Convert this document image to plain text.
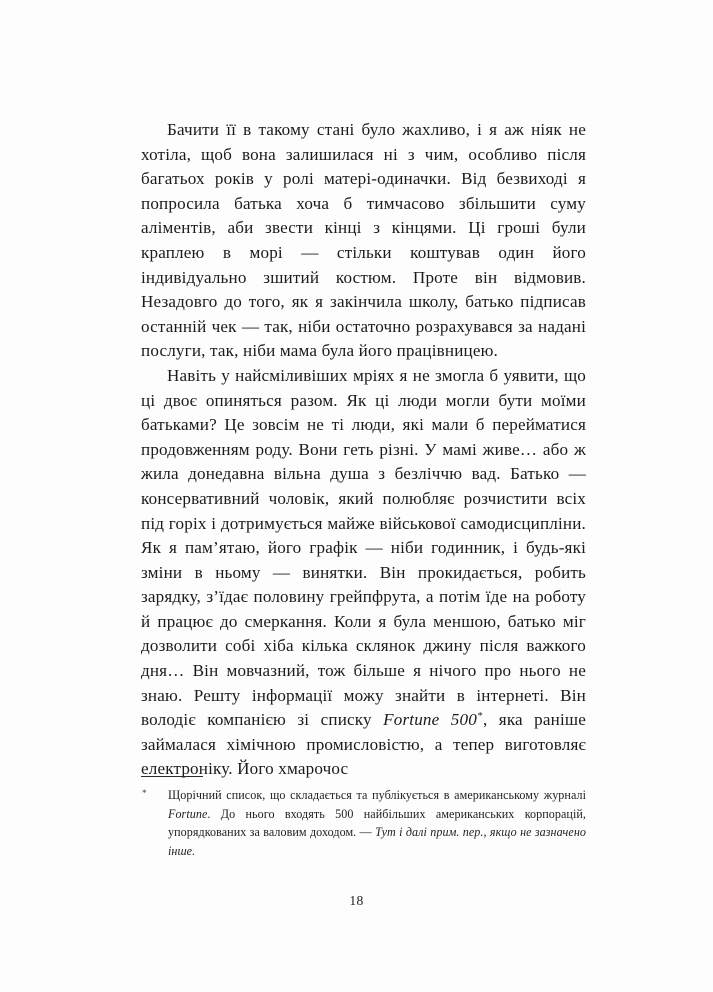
Бачити її в такому стані було жахливо, і я аж ніяк не хотіла, щоб вона залишилася ні з чим, особливо після багатьох років у ролі матері-одиначки. Від безвиході я попросила батька хоча б тимчасово збільшити суму аліментів, аби звести кінці з кінцями. Ці гроші були краплею в морі — стільки коштував один його індивідуально зшитий костюм. Проте він відмовив. Незадовго до того, як я закінчила школу, батько підписав останній чек — так, ніби остаточно розрахувався за надані послуги, так, ніби мама була його працівницею.

Навіть у найсміливіших мріях я не змогла б уявити, що ці двоє опиняться разом. Як ці люди могли бути моїми батьками? Це зовсім не ті люди, які мали б перейматися продовженням роду. Вони геть різні. У мамі живе… або ж жила донедавна вільна душа з безліччю вад. Батько — консервативний чоловік, який полюбляє розчистити всіх під горіх і дотримується майже військової самодисципліни. Як я пам’ятаю, його графік — ніби годинник, і будь-які зміни в ньому — винятки. Він прокидається, робить зарядку, з’їдає половину грейпфрута, а потім їде на роботу й працює до смеркання. Коли я була меншою, батько міг дозволити собі хіба кілька склянок джину після важкого дня… Він мовчазний, тож більше я нічого про нього не знаю. Решту інформації можу знайти в інтернеті. Він володіє компанією зі списку Fortune 500*, яка раніше займалася хімічною промисловістю, а тепер виготовляє електроніку. Його хмарочос

* Щорічний список, що складається та публікується в американському журналі Fortune. До нього входять 500 найбільших американських корпорацій, упорядкованих за валовим доходом. — Тут і далі прим. пер., якщо не зазначено інше.
18
